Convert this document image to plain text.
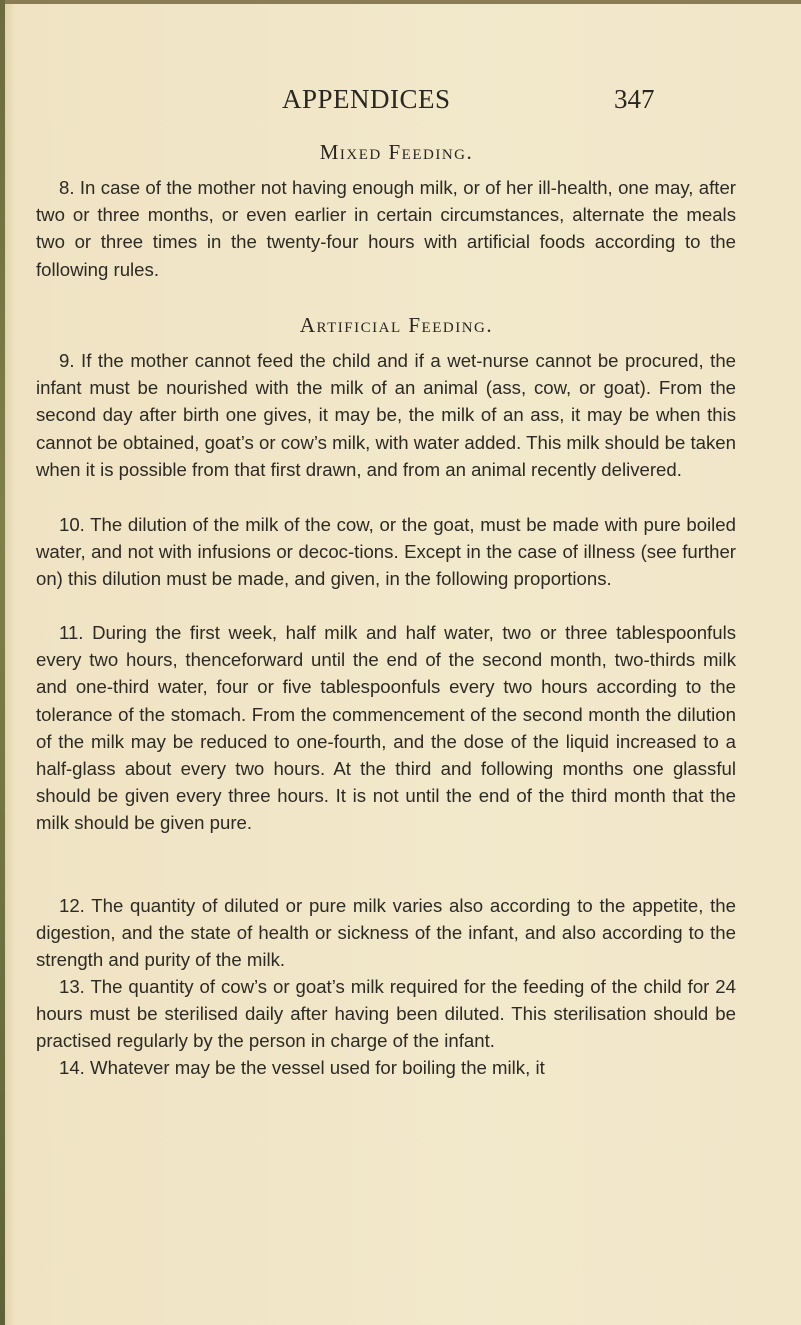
APPENDICES	347
Mixed Feeding.

8. In case of the mother not having enough milk, or of her ill-health, one may, after two or three months, or even earlier in certain circumstances, alternate the meals two or three times in the twenty-four hours with artificial foods according to the following rules.

Artificial Feeding.

9. If the mother cannot feed the child and if a wet-nurse cannot be procured, the infant must be nourished with the milk of an animal (ass, cow, or goat). From the second day after birth one gives, it may be, the milk of an ass, it may be when this cannot be obtained, goat’s or cow’s milk, with water added. This milk should be taken when it is possible from that first drawn, and from an animal recently delivered.

10. The dilution of the milk of the cow, or the goat, must be made with pure boiled water, and not with infusions or decoc-tions. Except in the case of illness (see further on) this dilution must be made, and given, in the following proportions.

11. During the first week, half milk and half water, two or three tablespoonfuls every two hours, thenceforward until the end of the second month, two-thirds milk and one-third water, four or five tablespoonfuls every two hours according to the tolerance of the stomach. From the commencement of the second month the dilution of the milk may be reduced to one-fourth, and the dose of the liquid increased to a half-glass about every two hours. At the third and following months one glassful should be given every three hours. It is not until the end of the third month that the milk should be given pure.

12. The quantity of diluted or pure milk varies also according to the appetite, the digestion, and the state of health or sickness of the infant, and also according to the strength and purity of the milk.

13. The quantity of cow’s or goat’s milk required for the feeding of the child for 24 hours must be sterilised daily after having been diluted. This sterilisation should be practised regularly by the person in charge of the infant.

14. Whatever may be the vessel used for boiling the milk, it
